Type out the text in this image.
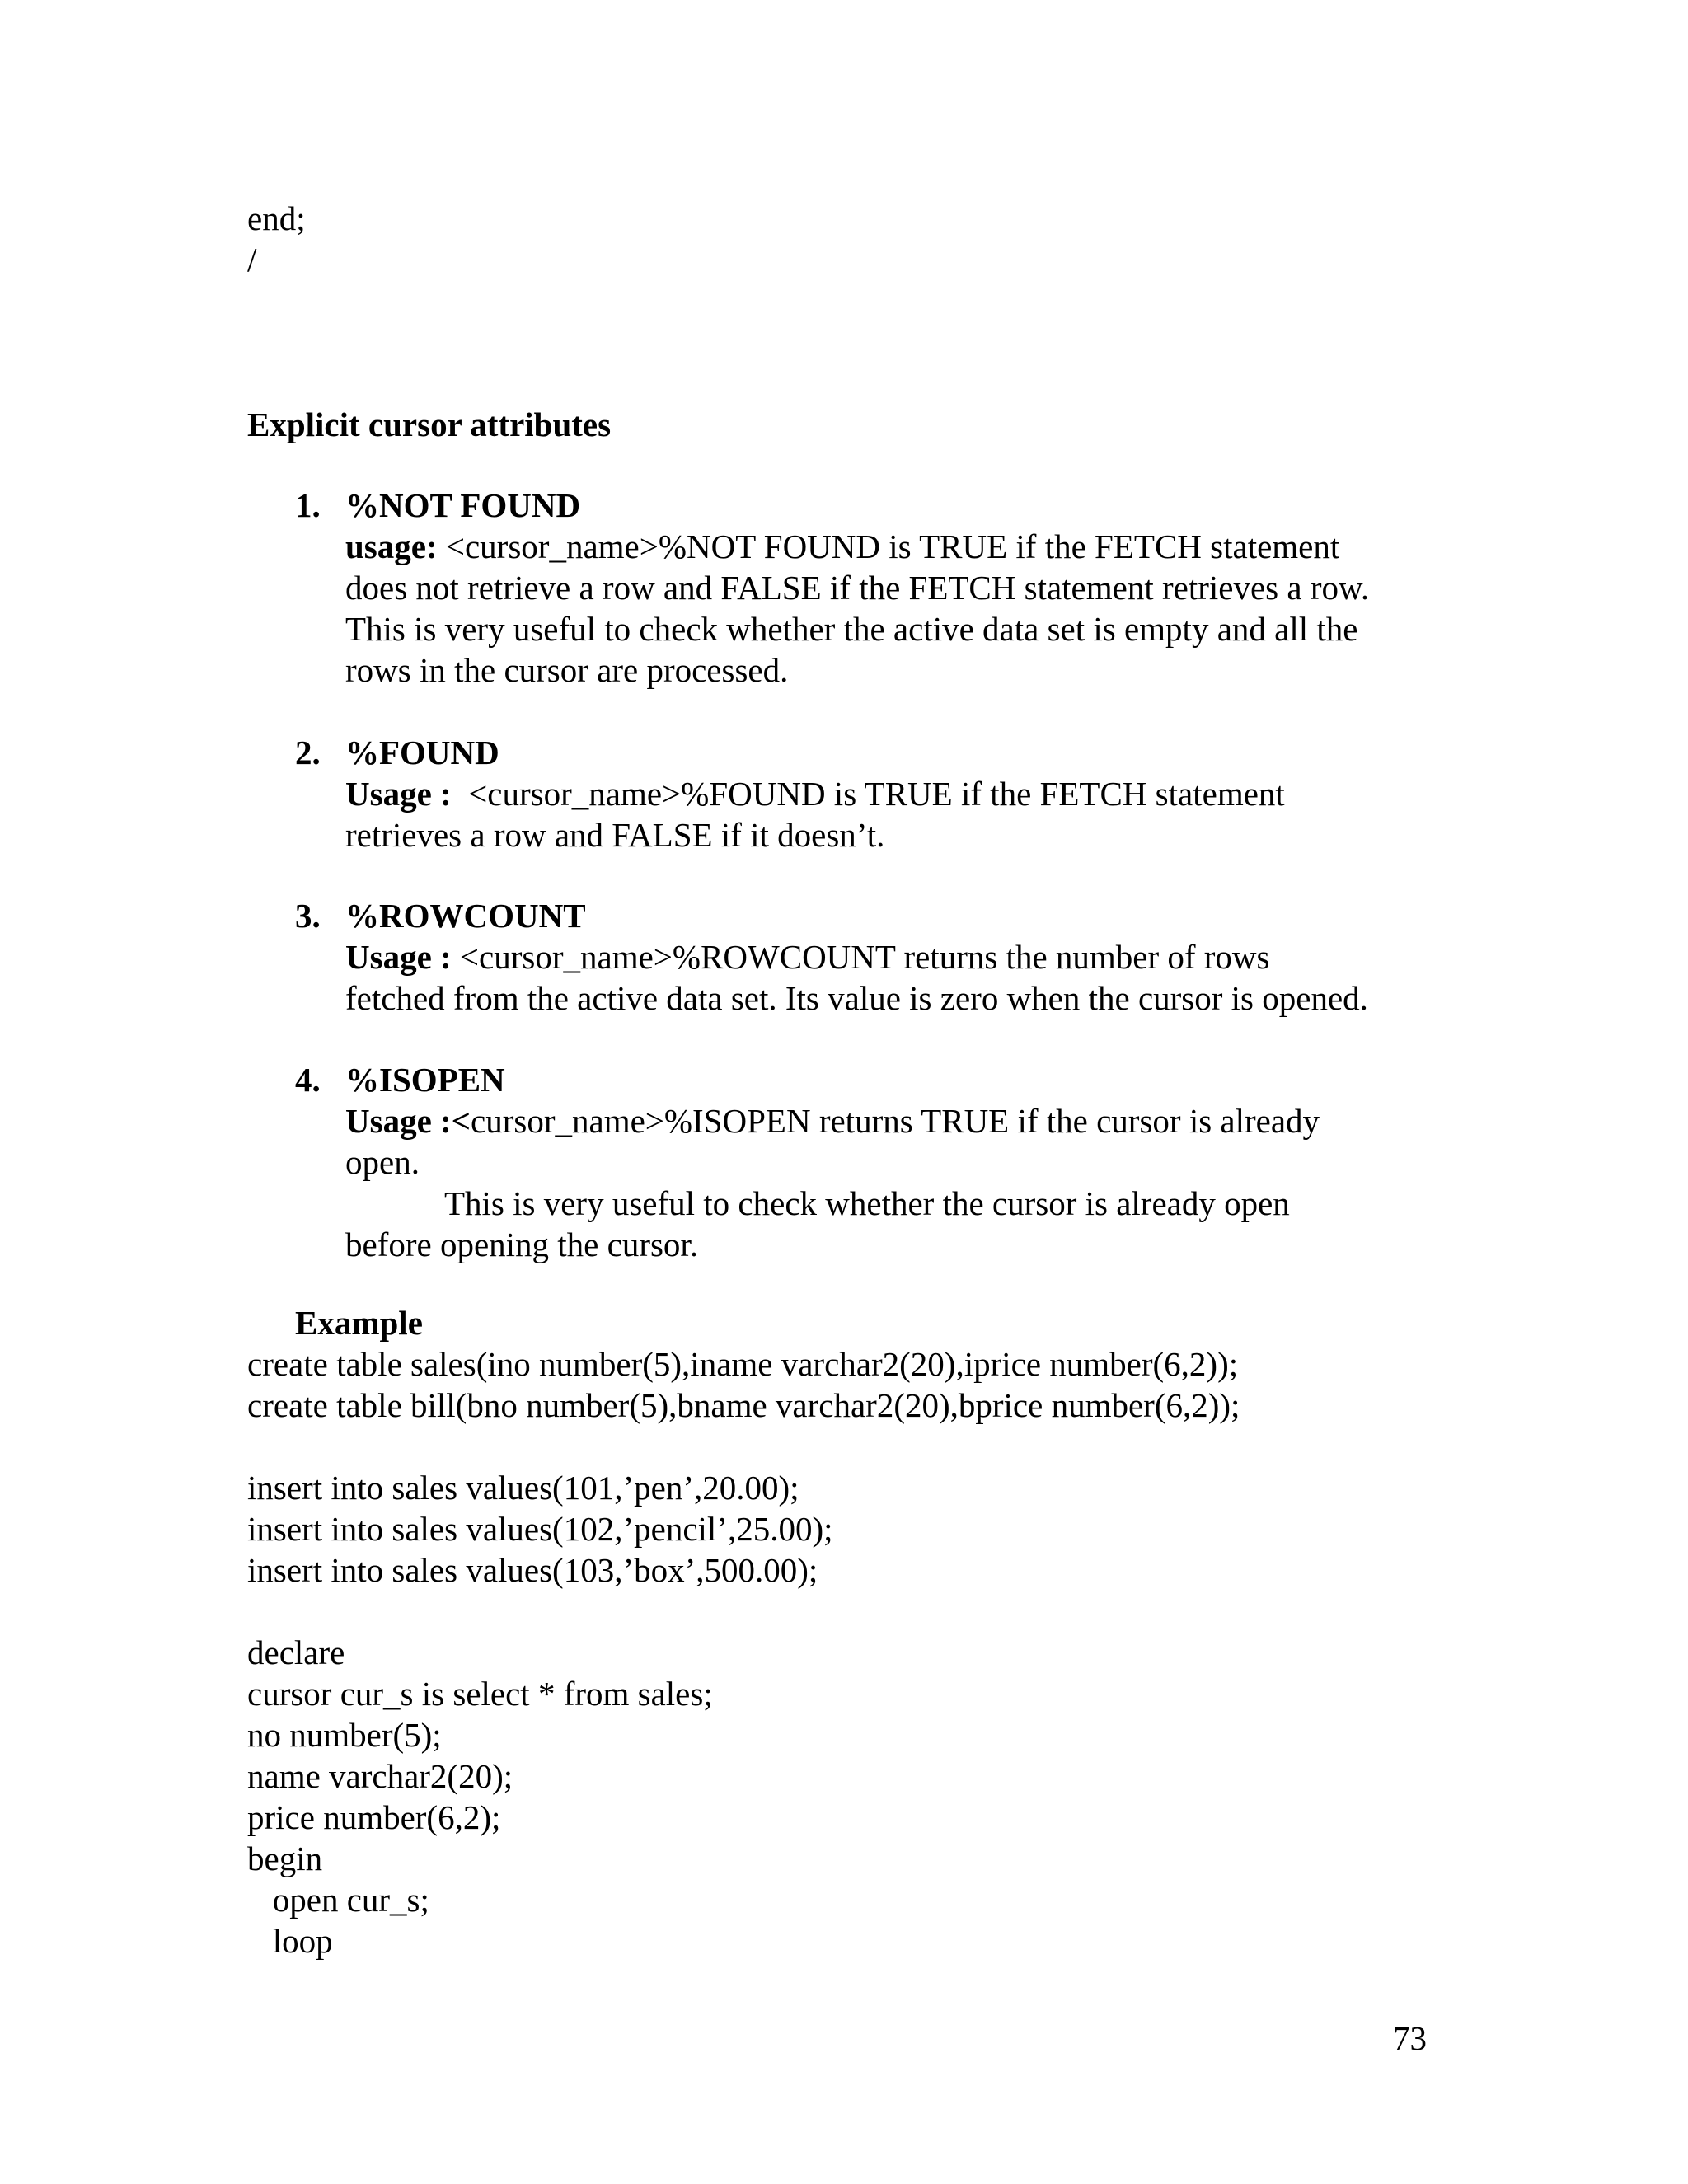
end;
/
Explicit cursor attributes
1. %NOT FOUND
usage: <cursor_name>%NOT FOUND is TRUE if the FETCH statement
does not retrieve a row and FALSE if the FETCH statement retrieves a row.
This is very useful to check whether the active data set is empty and all the
rows in the cursor are processed.
2. %FOUND
Usage :  <cursor_name>%FOUND is TRUE if the FETCH statement
retrieves a row and FALSE if it doesn’t.
3. %ROWCOUNT
Usage : <cursor_name>%ROWCOUNT returns the number of rows
fetched from the active data set. Its value is zero when the cursor is opened.
4. %ISOPEN
Usage :<cursor_name>%ISOPEN returns TRUE if the cursor is already
open.
This is very useful to check whether the cursor is already open
before opening the cursor.
Example
create table sales(ino number(5),iname varchar2(20),iprice number(6,2));
create table bill(bno number(5),bname varchar2(20),bprice number(6,2));
insert into sales values(101,’pen’,20.00);
insert into sales values(102,’pencil’,25.00);
insert into sales values(103,’box’,500.00);
declare
cursor cur_s is select * from sales;
no number(5);
name varchar2(20);
price number(6,2);
begin
open cur_s;
loop
73
